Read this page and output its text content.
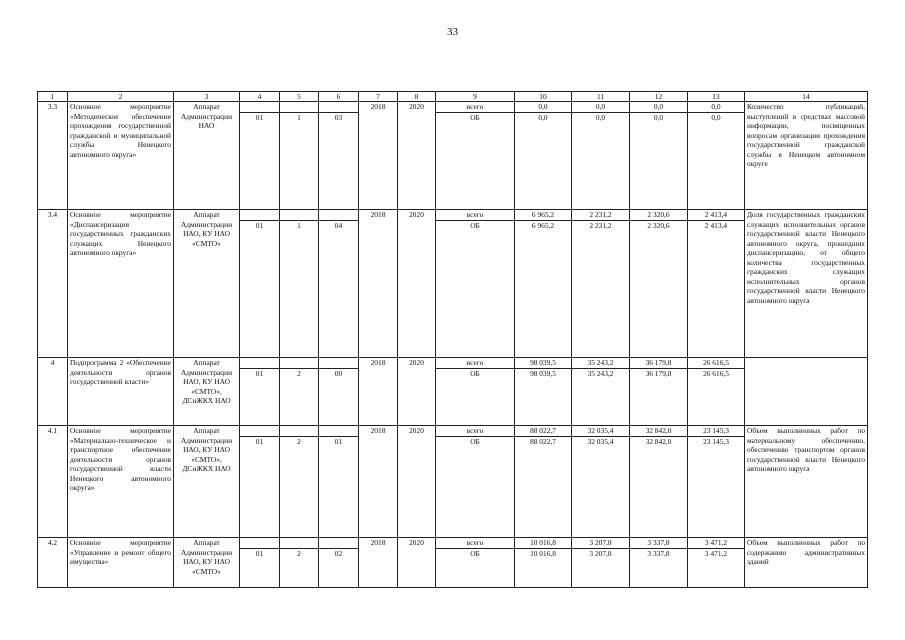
33
1	2	3	4	5	6	7	8	9	10	11	12	13	14
3.3	Основное мероприятие «Методическое обеспечение прохождения государственной гражданской и муниципальной службы Ненецкого автономного округа»	Аппарат Администрации НАО				2018	2020	всего	0,0	0,0	0,0	0,0	Количество публикаций, выступлений в средствах массовой информации, посвященных вопросам организации прохождения государственной гражданской службы в Ненецком автономном округе
			01	1	03			ОБ	0,0	0,0	0,0	0,0	
3.4	Основное мероприятие «Диспансеризация государственных гражданских служащих Ненецкого автономного округа»	Аппарат Администрации НАО, КУ НАО «СМТО»				2018	2020	всего	6 965,2	2 231,2	2 320,6	2 413,4	Доля государственных гражданских служащих исполнительных органов государственной власти Ненецкого автономного округа, прошедших диспансеризацию, от общего количества государственных гражданских служащих исполнительных органов государственной власти Ненецкого автономного округа
			01	1	04			ОБ	6 965,2	2 231,2	2 320,6	2 413,4	
4	Подпрограмма 2 «Обеспечение деятельности органов государственной власти»	Аппарат Администрации НАО, КУ НАО «СМТО», ДСиЖКХ НАО				2018	2020	всего	98 039,5	35 243,2	36 179,8	26 616,5	
			01	2	00			ОБ	98 039,5	35 243,2	36 179,8	26 616,5	
4.1	Основное мероприятие «Материально-техническое и транспортное обеспечение деятельности органов государственной власти Ненецкого автономного округа»	Аппарат Администрации НАО, КУ НАО «СМТО», ДСиЖКХ НАО				2018	2020	всего	88 022,7	32 035,4	32 842,0	23 145,3	Объем выполненных работ по материальному обеспечению, обеспечению транспортом органов государственной власти Ненецкого автономного округа
			01	2	01			ОБ	88 022,7	32 035,4	32 842,0	23 145,3	
4.2	Основное мероприятие «Управление и ремонт общего имущества»	Аппарат Администрации НАО, КУ НАО «СМТО»				2018	2020	всего	10 016,8	3 207,8	3 337,8	3 471,2	Объем выполненных работ по содержанию административных зданий
			01	2	02			ОБ	10 016,8	3 207,8	3 337,8	3 471,2	
